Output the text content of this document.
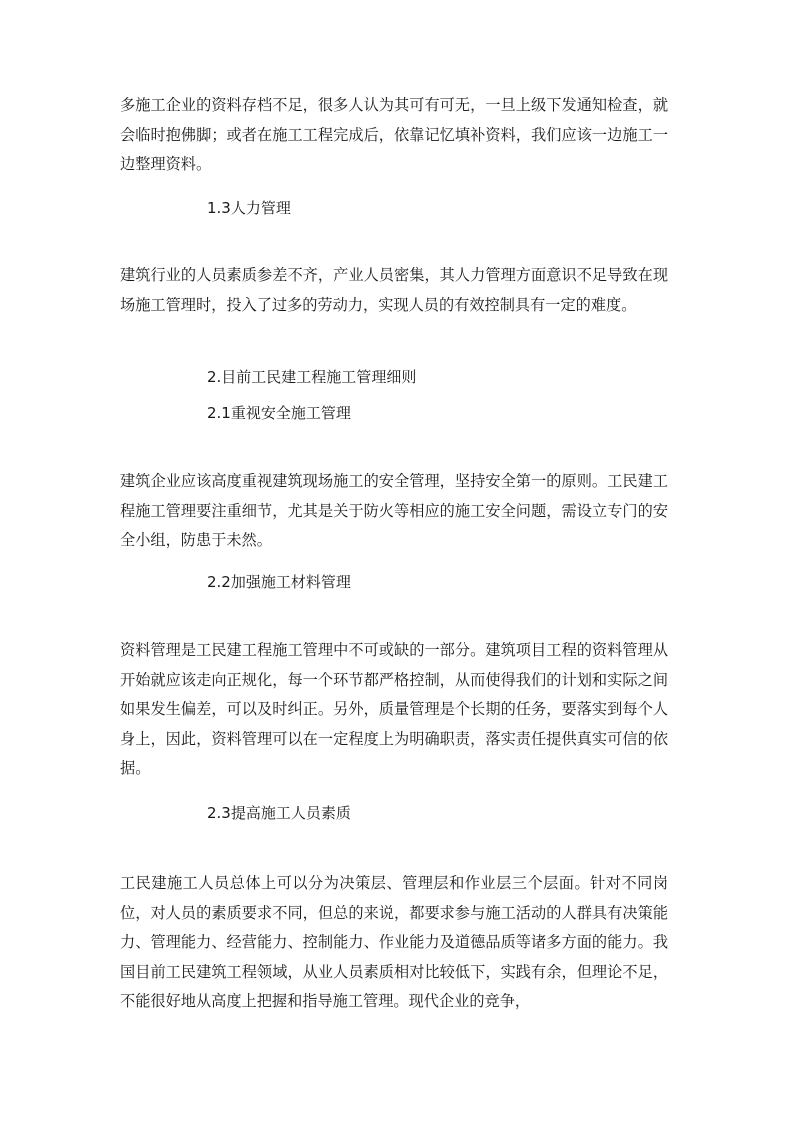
多施工企业的资料存档不足，很多人认为其可有可无，一旦上级下发通知检查，就会临时抱佛脚；或者在施工工程完成后，依靠记忆填补资料，我们应该一边施工一边整理资料。

1.3人力管理

建筑行业的人员素质参差不齐，产业人员密集，其人力管理方面意识不足导致在现场施工管理时，投入了过多的劳动力，实现人员的有效控制具有一定的难度。

2.目前工民建工程施工管理细则

2.1重视安全施工管理

建筑企业应该高度重视建筑现场施工的安全管理，坚持安全第一的原则。工民建工程施工管理要注重细节，尤其是关于防火等相应的施工安全问题，需设立专门的安全小组，防患于未然。

2.2加强施工材料管理

资料管理是工民建工程施工管理中不可或缺的一部分。建筑项目工程的资料管理从开始就应该走向正规化，每一个环节都严格控制，从而使得我们的计划和实际之间如果发生偏差，可以及时纠正。另外，质量管理是个长期的任务，要落实到每个人身上，因此，资料管理可以在一定程度上为明确职责，落实责任提供真实可信的依据。

2.3提高施工人员素质

工民建施工人员总体上可以分为决策层、管理层和作业层三个层面。针对不同岗位，对人员的素质要求不同，但总的来说，都要求参与施工活动的人群具有决策能力、管理能力、经营能力、控制能力、作业能力及道德品质等诸多方面的能力。我国目前工民建筑工程领域，从业人员素质相对比较低下，实践有余，但理论不足，不能很好地从高度上把握和指导施工管理。现代企业的竞争，
